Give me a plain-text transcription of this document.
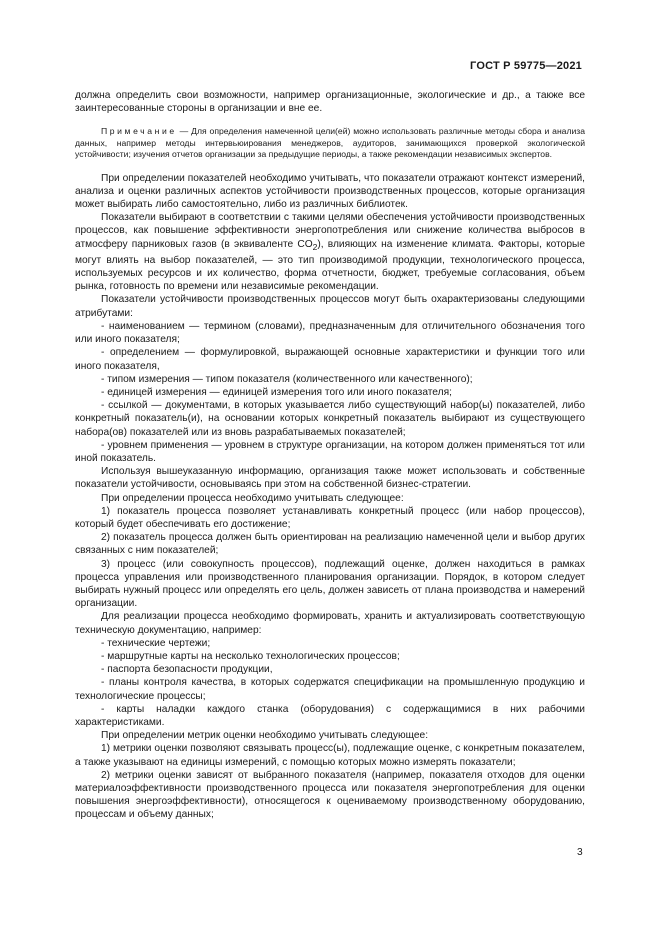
ГОСТ Р 59775—2021

должна определить свои возможности, например организационные, экологические и др., а также все заинтересованные стороны в организации и вне ее.

Примечание — Для определения намеченной цели(ей) можно использовать различные методы сбора и анализа данных, например методы интервьюирования менеджеров, аудиторов, занимающихся проверкой экологической устойчивости; изучения отчетов организации за предыдущие периоды, а также рекомендации независимых экспертов.

При определении показателей необходимо учитывать, что показатели отражают контекст измерений, анализа и оценки различных аспектов устойчивости производственных процессов, которые организация может выбирать либо самостоятельно, либо из различных библиотек.

Показатели выбирают в соответствии с такими целями обеспечения устойчивости производственных процессов, как повышение эффективности энергопотребления или снижение количества выбросов в атмосферу парниковых газов (в эквиваленте $CO_2$), влияющих на изменение климата. Факторы, которые могут влиять на выбор показателей, — это тип производимой продукции, технологического процесса, используемых ресурсов и их количество, форма отчетности, бюджет, требуемые согласования, объем рынка, готовность по времени или независимые рекомендации.

Показатели устойчивости производственных процессов могут быть охарактеризованы следующими атрибутами:

- наименованием — термином (словами), предназначенным для отличительного обозначения того или иного показателя;

- определением — формулировкой, выражающей основные характеристики и функции того или иного показателя,

- типом измерения — типом показателя (количественного или качественного);

- единицей измерения — единицей измерения того или иного показателя;

- ссылкой — документами, в которых указывается либо существующий набор(ы) показателей, либо конкретный показатель(и), на основании которых конкретный показатель выбирают из существующего набора(ов) показателей или из вновь разрабатываемых показателей;

- уровнем применения — уровнем в структуре организации, на котором должен применяться тот или иной показатель.

Используя вышеуказанную информацию, организация также может использовать и собственные показатели устойчивости, основываясь при этом на собственной бизнес-стратегии.

При определении процесса необходимо учитывать следующее:

1) показатель процесса позволяет устанавливать конкретный процесс (или набор процессов), который будет обеспечивать его достижение;

2) показатель процесса должен быть ориентирован на реализацию намеченной цели и выбор других связанных с ним показателей;

3) процесс (или совокупность процессов), подлежащий оценке, должен находиться в рамках процесса управления или производственного планирования организации. Порядок, в котором следует выбирать нужный процесс или определять его цель, должен зависеть от плана производства и намерений организации.

Для реализации процесса необходимо формировать, хранить и актуализировать соответствующую техническую документацию, например:

- технические чертежи;

- маршрутные карты на несколько технологических процессов;

- паспорта безопасности продукции,

- планы контроля качества, в которых содержатся спецификации на промышленную продукцию и технологические процессы;

- карты наладки каждого станка (оборудования) с содержащимися в них рабочими характеристиками.

При определении метрик оценки необходимо учитывать следующее:

1) метрики оценки позволяют связывать процесс(ы), подлежащие оценке, с конкретным показателем, а также указывают на единицы измерений, с помощью которых можно измерять показатели;

2) метрики оценки зависят от выбранного показателя (например, показателя отходов для оценки материалоэффективности производственного процесса или показателя энергопотребления для оценки повышения энергоэффективности), относящегося к оцениваемому производственному оборудованию, процессам и объему данных;

3
